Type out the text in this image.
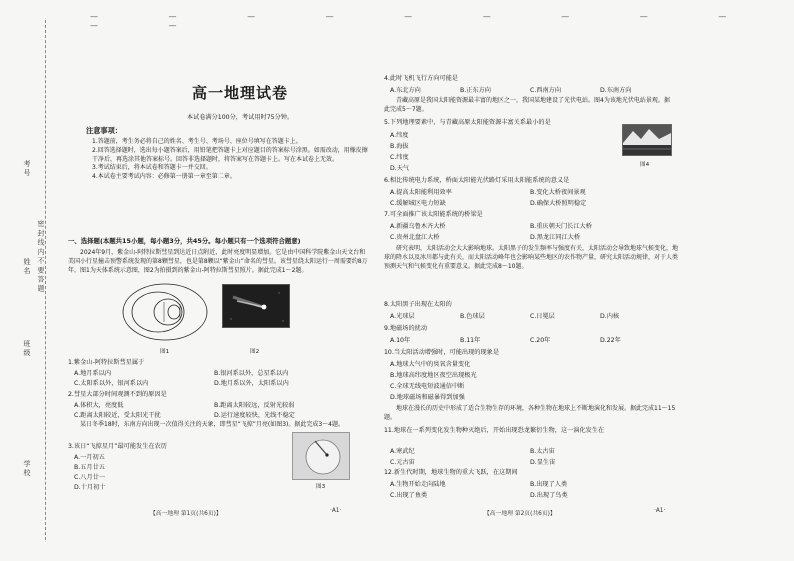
考号
姓名
班级
学校
密 封 线 内 不 要 答 题
— — — — — — — — — — —
高一地理试卷
本试卷满分100分，考试用时75分钟。
注意事项：
1.答题前，考生务必将自己的姓名、考生号、考场号、座位号填写在答题卡上。
2.回答选择题时，选出每小题答案后，用铅笔把答题卡上对应题目的答案标号涂黑。如需改动，用橡皮擦干净后，再选涂其他答案标号。回答非选择题时，将答案写在答题卡上。写在本试卷上无效。
3.考试结束后，将本试卷和答题卡一并交回。
4.本试卷主要考试内容：必修第一册第一章至第二章。
一、选择题(本题共15小题，每小题3分，共45分。每小题只有一个选项符合题意)
2024年9月，紫金山-阿特拉斯彗星到达近日点附近，此时亮度明显增加。它是由中国科学院紫金山天文台和美国小行星撞击预警系统发现的第8颗彗星，也是第8颗以“紫金山”命名的彗星。该彗星绕太阳运行一周需要约8万年，图1为天体系统示意图，图2为拍摄到的紫金山-阿特拉斯彗星照片。据此完成1～2题。
图1	图2
1.紫金山-阿特拉斯彗星属于
A.地月系以内	B.银河系以外，总星系以内
C.太阳系以外，银河系以内	D.地月系以外，太阳系以内
2.彗星大部分时间观测不到的原因是
A.体积大，亮度低	B.距离太阳较远，反射光较弱
C.距离太阳较近，受太阳光干扰	D.运行速度较快，光线不稳定
某日冬季18时，东南方向出现一次值得关注的天象，即彗星“飞掠”月亮(如图3)。据此完成3～4题。
3.该日“飞掠星月”最可能发生在农历
A.一月初五
B.五月廿五
C.八月廿一
D.十月初十	图3
【高一地理 第1页(共6页)】	·A1·
4.此时飞机飞行方向可能是
A.东北方向	B.正东方向	C.西南方向	D.东南方向
青藏高原是我国太阳能资源最丰富的地区之一，我国某地建设了光伏电站。图4为该地光伏电站景观。据此完成5～7题。
5.下列地理要素中，与青藏高原太阳能资源丰富关系最小的是
A.纬度
B.海拔
C.纬度
D.天气	图4
6.相比传统电力系统，桥面太阳能光伏路灯采用太阳能系统的意义是
A.提高太阳能利用效率	B.变化大桥夜间景观
C.缓解城区电力短缺	D.确保大桥照明稳定
7.可全面推广该太阳能系统的桥梁是
A.新疆乌鲁木齐大桥	B.重庆朝天门长江大桥
C.贵州北盘江大桥	D.黑龙江同江大桥
研究表明，太阳活动会大大影响地球。太阳黑子的发生频率与强度有关，太阳活动会导致地球气候变化，地球的降水以及冰川都与此有关，而太阳活动峰年也会影响某些地区的农作物产量，研究太阳活动规律，对于人类预测天气和气候变化有重要意义。据此完成8～10题。
8.太阳黑子出现在太阳的
A.光球层	B.色球层	C.日冕层	D.内核
9.地磁场的扰动
A.10年	B.11年	C.20年	D.22年
10.当太阳活动增强时，可能出现的现象是
A.地球大气中的臭氧含量变化
B.地球高纬度地区夜空出现极光
C.全球无线电短波通信中断
D.地球磁场和磁暴得到加强
地球在漫长的历史中形成了适合生物生存的环境，各种生物在地球上不断地演化和发展。据此完成11～15题。
11.地球在一系列变化发生物种灭绝后，开始出现恐龙繁衍生物，这一演化发生在
A.寒武纪	B.太古宙
C.元古宙	D.显生宙
12.新生代时期，地球生物的重大飞跃，在这期间
A.生物开始走向陆地	B.出现了人类
C.出现了鱼类	D.出现了鸟类
【高一地理 第2页(共6页)】	·A1·
